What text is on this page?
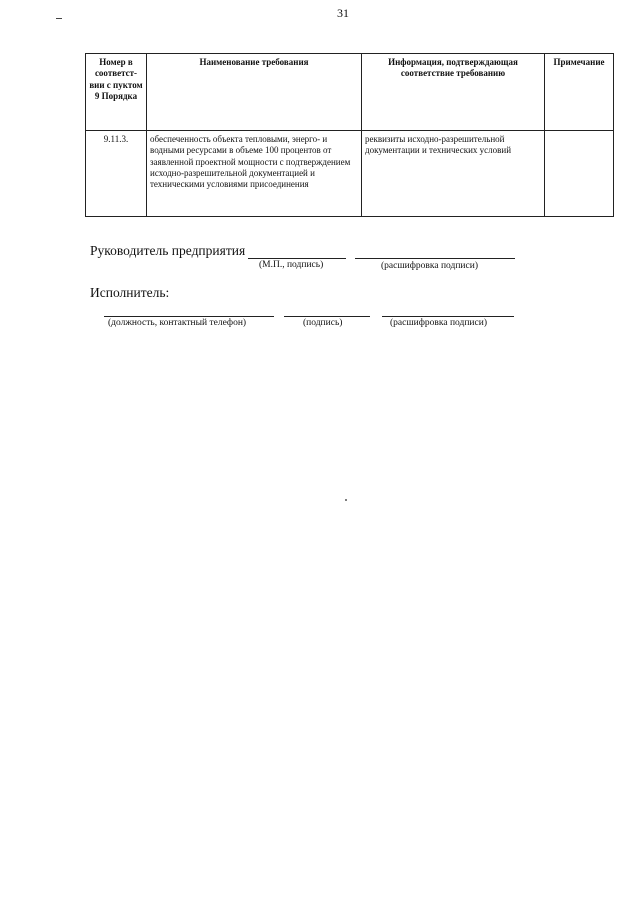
31
Номер в соответст-вии с пуктом 9 Порядка	Наименование требования	Информация, подтверждающая соответствие требованию	Примечание
9.11.3.	обеспеченность объекта тепловыми, энерго- и водными ресурсами в объеме 100 процентов от заявленной проектной мощности с подтверждением исходно-разрешительной документацией и техническими условиями присоединения	реквизиты исходно-разрешительной документации и технических условий	
Руководитель предприятия
(М.П., подпись)	(расшифровка подписи)
Исполнитель:
(должность, контактный телефон)	(подпись)	(расшифровка подписи)
